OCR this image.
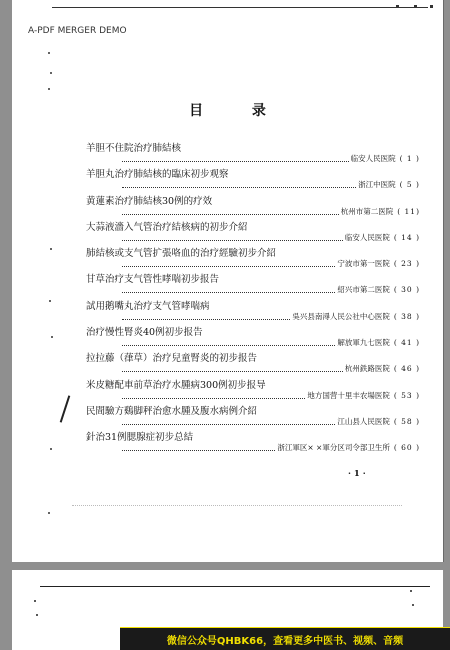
A-PDF MERGER DEMO
目 录
羊胆不住院治疗肺結核
临安人民医院 ( 1 )
羊胆丸治疗肺結核的臨床初步观察
浙江中医院 ( 5 )
黄蓮素治疗肺結核30例的疗效
杭州市第二医院 ( 11)
大蒜液濇入气管治疗結核病的初步介紹
临安人民医院 ( 14 )
肺結核或支气管扩張咯血的治疗經驗初步介紹
宁波市第一医院 ( 23 )
甘草治疗支气管性哮喘初步报告
紹兴市第二医院 ( 30 )
試用鹅嘴丸治疗支气管哮喘病
吳兴县南潯人民公社中心医院 ( 38 )
治疗慢性腎炎40例初步报告
解放軍九七医院 ( 41 )
拉拉藤（葎草）治疗兒童腎炎的初步报告
杭州鉄路医院 ( 46 )
米皮糖配車前草治疗水腫病300例初步报导
地方国营十里丰农場医院 ( 53 )
民間驗方鷄脚秤治愈水腫及腹水病例介紹
江山县人民医院 ( 58 )
針治31例腮腺症初步总結
浙江軍区× ×軍分区司令部卫生所 ( 60 )
· 1 ·
微信公众号QHBK66，查看更多中医书、视频、音频
